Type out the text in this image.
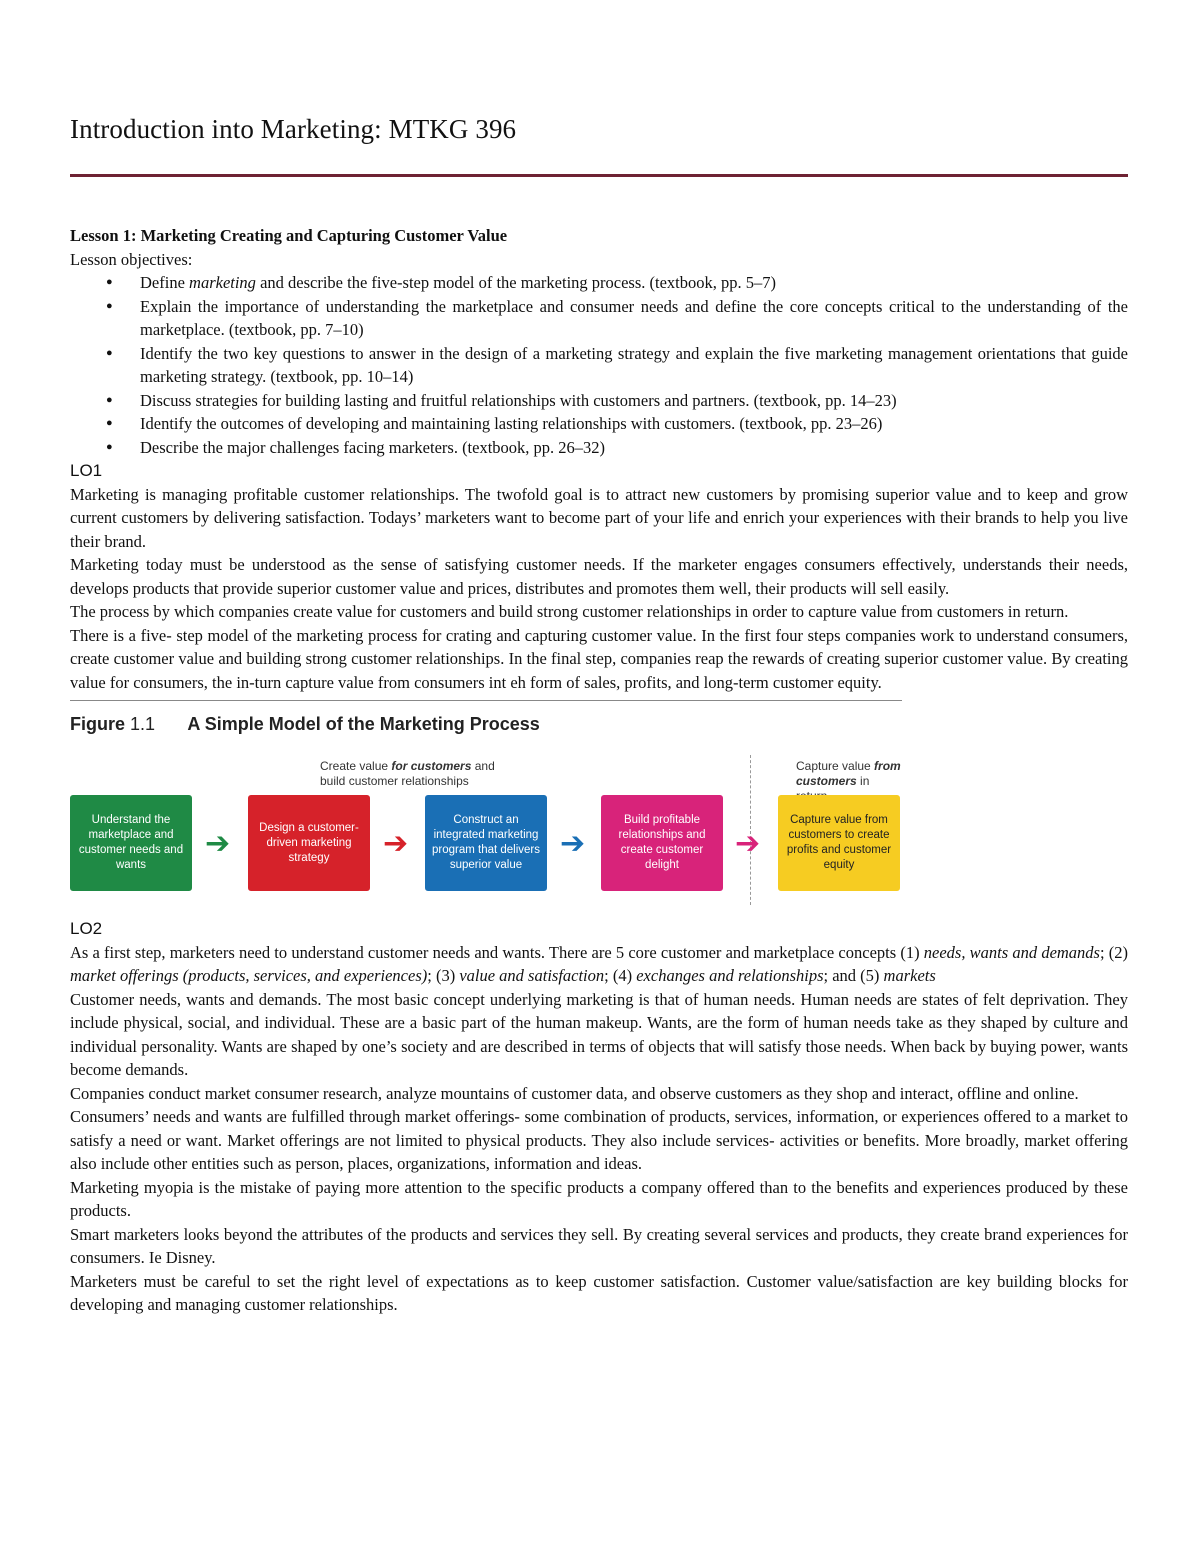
Introduction into Marketing: MTKG 396

Lesson 1: Marketing Creating and Capturing Customer Value

Lesson objectives:

● Define marketing and describe the five-step model of the marketing process. (textbook, pp. 5–7)
● Explain the importance of understanding the marketplace and consumer needs and define the core concepts critical to the understanding of the marketplace. (textbook, pp. 7–10)
● Identify the two key questions to answer in the design of a marketing strategy and explain the five marketing management orientations that guide marketing strategy. (textbook, pp. 10–14)
● Discuss strategies for building lasting and fruitful relationships with customers and partners. (textbook, pp. 14–23)
● Identify the outcomes of developing and maintaining lasting relationships with customers. (textbook, pp. 23–26)
● Describe the major challenges facing marketers. (textbook, pp. 26–32)

LO1

Marketing is managing profitable customer relationships. The twofold goal is to attract new customers by promising superior value and to keep and grow current customers by delivering satisfaction. Todays’ marketers want to become part of your life and enrich your experiences with their brands to help you live their brand.

Marketing today must be understood as the sense of satisfying customer needs. If the marketer engages consumers effectively, understands their needs, develops products that provide superior customer value and prices, distributes and promotes them well, their products will sell easily.

The process by which companies create value for customers and build strong customer relationships in order to capture value from customers in return.

There is a five- step model of the marketing process for crating and capturing customer value. In the first four steps companies work to understand consumers, create customer value and building strong customer relationships. In the final step, companies reap the rewards of creating superior customer value. By creating value for consumers, the in-turn capture value from consumers int eh form of sales, profits, and long-term customer equity.

Figure 1.1 A Simple Model of the Marketing Process
Create value for customers and
build customer relationships
Capture value from
customers in
Understand the marketplace and customer needs and wants
➔	Design a customer-driven marketing strategy	➔
Construct an integrated marketing program that delivers superior value
➔
Build profitable relationships and create customer delight
➔
Capture value from customers to create profits and customer equity

LO2

As a first step, marketers need to understand customer needs and wants. There are 5 core customer and marketplace concepts (1) needs, wants and demands; (2) market offerings (products, services, and experiences); (3) value and satisfaction; (4) exchanges and relationships; and (5) markets

Customer needs, wants and demands. The most basic concept underlying marketing is that of human needs. Human needs are states of felt deprivation. They include physical, social, and individual. These are a basic part of the human makeup. Wants, are the form of human needs take as they shaped by culture and individual personality. Wants are shaped by one’s society and are described in terms of objects that will satisfy those needs. When back by buying power, wants become demands.

Companies conduct market consumer research, analyze mountains of customer data, and observe customers as they shop and interact, offline and online.

Consumers’ needs and wants are fulfilled through market offerings- some combination of products, services, information, or experiences offered to a market to satisfy a need or want. Market offerings are not limited to physical products. They also include services- activities or benefits. More broadly, market offering also include other entities such as person, places, organizations, information and ideas.

Marketing myopia is the mistake of paying more attention to the specific products a company offered than to the benefits and experiences produced by these products.

Smart marketers looks beyond the attributes of the products and services they sell. By creating several services and products, they create brand experiences for consumers. Ie Disney.

Marketers must be careful to set the right level of expectations as to keep customer satisfaction. Customer value/satisfaction are key building blocks for developing and managing customer relationships.
